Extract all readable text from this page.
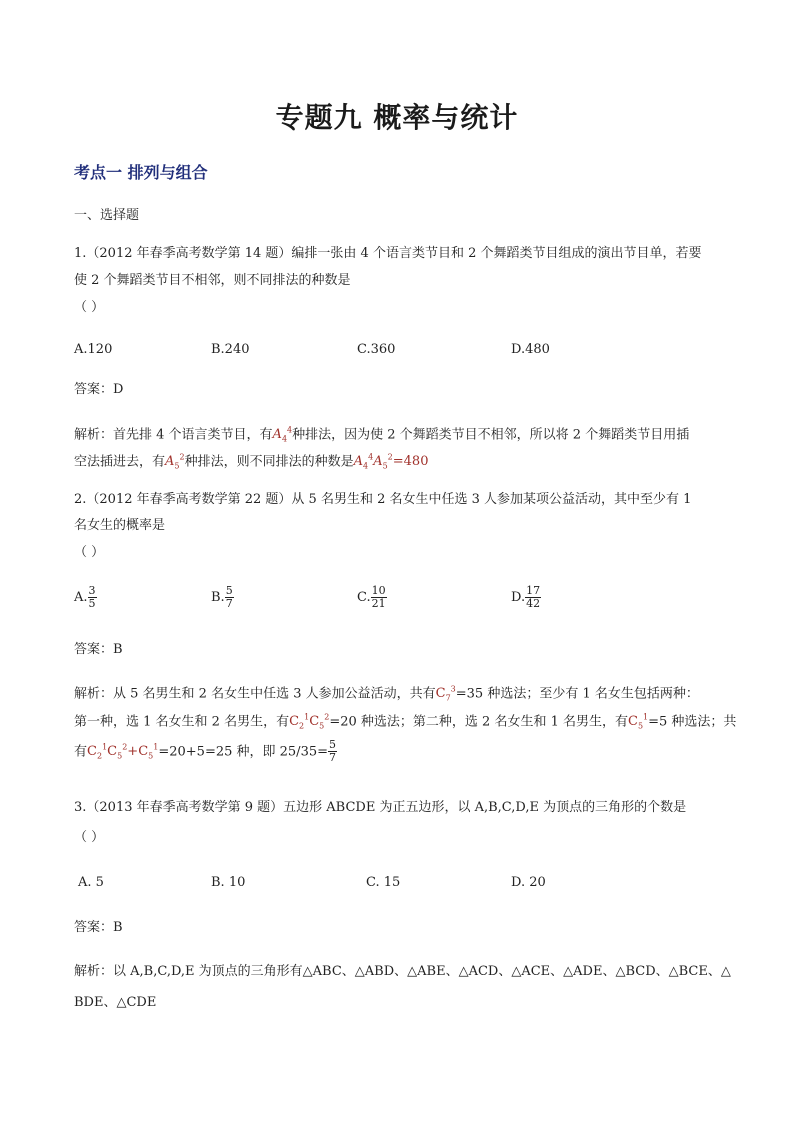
专题九 概率与统计
考点一 排列与组合
一、选择题
1.（2012 年春季高考数学第 14 题）编排一张由 4 个语言类节目和 2 个舞蹈类节目组成的演出节目单，若要
使 2 个舞蹈类节目不相邻，则不同排法的种数是
（ ）
A.120	B.240	C.360	D.480
答案：D
解析：首先排 4 个语言类节目，有$A_4^4$种排法，因为使 2 个舞蹈类节目不相邻，所以将 2 个舞蹈类节目用插
空法插进去，有$A_5^2$种排法，则不同排法的种数是$A_4^4A_5^2=480$
2.（2012 年春季高考数学第 22 题）从 5 名男生和 2 名女生中任选 3 人参加某项公益活动，其中至少有 1
名女生的概率是
（ ）
A. $\frac{3}{5}$	B. $\frac{5}{7}$	C. $\frac{10}{21}$	D. $\frac{17}{42}$
答案：B
解析：从 5 名男生和 2 名女生中任选 3 人参加公益活动，共有$C_7^3=35$ 种选法；至少有 1 名女生包括两种：
第一种，选 1 名女生和 2 名男生，有$C_2^1C_5^2=20$ 种选法；第二种，选 2 名女生和 1 名男生，有$C_5^1=5$ 种选法；共
有$C_2^1C_5^2+C_5^1=20+5=25$ 种，即 $25/35= \frac{5}{7}$
3.（2013 年春季高考数学第 9 题）五边形 ABCDE 为正五边形，以 A,B,C,D,E 为顶点的三角形的个数是
（ ）
A. 5	B. 10	C. 15	D. 20
答案：B
解析：以 A,B,C,D,E 为顶点的三角形有△ABC、△ABD、△ABE、△ACD、△ACE、△ADE、△BCD、△BCE、△
BDE、△CDE
